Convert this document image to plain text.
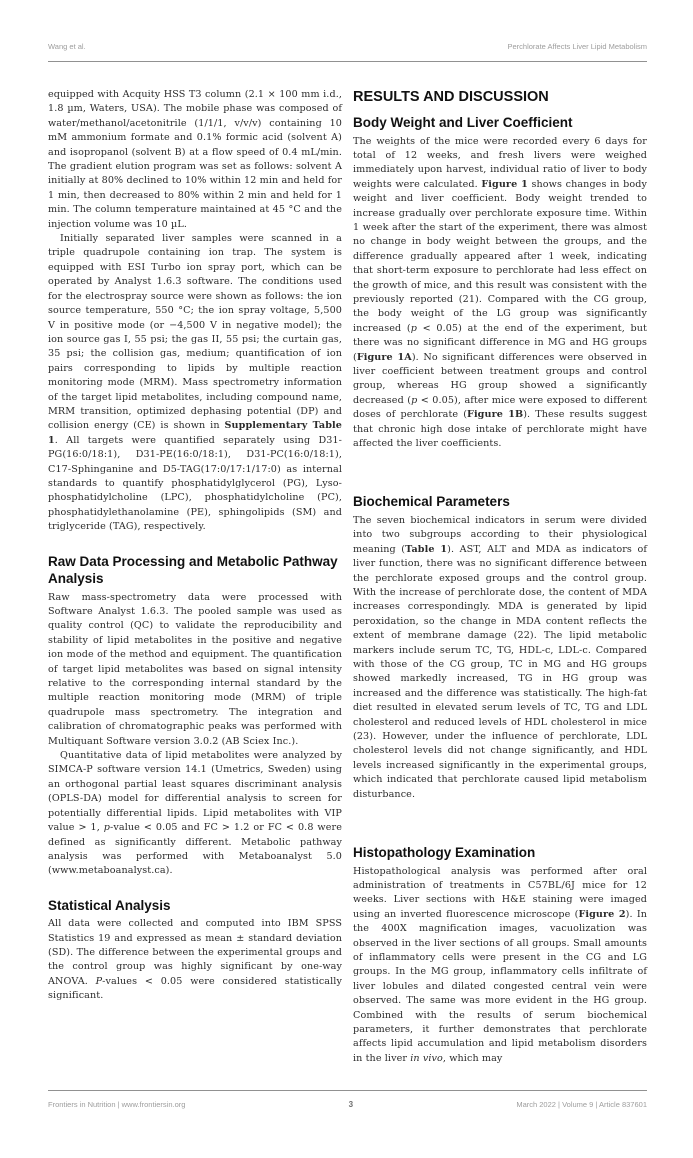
Wang et al.	Perchlorate Affects Liver Lipid Metabolism

equipped with Acquity HSS T3 column (2.1 × 100 mm i.d., 1.8 µm, Waters, USA). The mobile phase was composed of water/methanol/acetonitrile (1/1/1, v/v/v) containing 10 mM ammonium formate and 0.1% formic acid (solvent A) and isopropanol (solvent B) at a flow speed of 0.4 mL/min. The gradient elution program was set as follows: solvent A initially at 80% declined to 10% within 12 min and held for 1 min, then decreased to 80% within 2 min and held for 1 min. The column temperature maintained at 45 °C and the injection volume was 10 µL.

Initially separated liver samples were scanned in a triple quadrupole containing ion trap. The system is equipped with ESI Turbo ion spray port, which can be operated by Analyst 1.6.3 software. The conditions used for the electrospray source were shown as follows: the ion source temperature, 550 °C; the ion spray voltage, 5,500 V in positive mode (or −4,500 V in negative model); the ion source gas I, 55 psi; the gas II, 55 psi; the curtain gas, 35 psi; the collision gas, medium; quantification of ion pairs corresponding to lipids by multiple reaction monitoring mode (MRM). Mass spectrometry information of the target lipid metabolites, including compound name, MRM transition, optimized dephasing potential (DP) and collision energy (CE) is shown in Supplementary Table 1. All targets were quantified separately using D31-PG(16:0/18:1), D31-PE(16:0/18:1), D31-PC(16:0/18:1), C17-Sphinganine and D5-TAG(17:0/17:1/17:0) as internal standards to quantify phosphatidylglycerol (PG), Lyso-phosphatidylcholine (LPC), phosphatidylcholine (PC), phosphatidylethanolamine (PE), sphingolipids (SM) and triglyceride (TAG), respectively.

Raw Data Processing and Metabolic Pathway Analysis

Raw mass-spectrometry data were processed with Software Analyst 1.6.3. The pooled sample was used as quality control (QC) to validate the reproducibility and stability of lipid metabolites in the positive and negative ion mode of the method and equipment. The quantification of target lipid metabolites was based on signal intensity relative to the corresponding internal standard by the multiple reaction monitoring mode (MRM) of triple quadrupole mass spectrometry. The integration and calibration of chromatographic peaks was performed with Multiquant Software version 3.0.2 (AB Sciex Inc.).

Quantitative data of lipid metabolites were analyzed by SIMCA-P software version 14.1 (Umetrics, Sweden) using an orthogonal partial least squares discriminant analysis (OPLS-DA) model for differential analysis to screen for potentially differential lipids. Lipid metabolites with VIP value > 1, p-value < 0.05 and FC > 1.2 or FC < 0.8 were defined as significantly different. Metabolic pathway analysis was performed with Metaboanalyst 5.0 (www.metaboanalyst.ca).

Statistical Analysis

All data were collected and computed into IBM SPSS Statistics 19 and expressed as mean ± standard deviation (SD). The difference between the experimental groups and the control group was highly significant by one-way ANOVA. P-values < 0.05 were considered statistically significant.

RESULTS AND DISCUSSION
Body Weight and Liver Coefficient

The weights of the mice were recorded every 6 days for total of 12 weeks, and fresh livers were weighed immediately upon harvest, individual ratio of liver to body weights were calculated. Figure 1 shows changes in body weight and liver coefficient. Body weight trended to increase gradually over perchlorate exposure time. Within 1 week after the start of the experiment, there was almost no change in body weight between the groups, and the difference gradually appeared after 1 week, indicating that short-term exposure to perchlorate had less effect on the growth of mice, and this result was consistent with the previously reported (21). Compared with the CG group, the body weight of the LG group was significantly increased (p < 0.05) at the end of the experiment, but there was no significant difference in MG and HG groups (Figure 1A). No significant differences were observed in liver coefficient between treatment groups and control group, whereas HG group showed a significantly decreased (p < 0.05), after mice were exposed to different doses of perchlorate (Figure 1B). These results suggest that chronic high dose intake of perchlorate might have affected the liver coefficients.

Biochemical Parameters

The seven biochemical indicators in serum were divided into two subgroups according to their physiological meaning (Table 1). AST, ALT and MDA as indicators of liver function, there was no significant difference between the perchlorate exposed groups and the control group. With the increase of perchlorate dose, the content of MDA increases correspondingly. MDA is generated by lipid peroxidation, so the change in MDA content reflects the extent of membrane damage (22). The lipid metabolic markers include serum TC, TG, HDL-c, LDL-c. Compared with those of the CG group, TC in MG and HG groups showed markedly increased, TG in HG group was increased and the difference was statistically. The high-fat diet resulted in elevated serum levels of TC, TG and LDL cholesterol and reduced levels of HDL cholesterol in mice (23). However, under the influence of perchlorate, LDL cholesterol levels did not change significantly, and HDL levels increased significantly in the experimental groups, which indicated that perchlorate caused lipid metabolism disturbance.

Histopathology Examination

Histopathological analysis was performed after oral administration of treatments in C57BL/6J mice for 12 weeks. Liver sections with H&E staining were imaged using an inverted fluorescence microscope (Figure 2). In the 400X magnification images, vacuolization was observed in the liver sections of all groups. Small amounts of inflammatory cells were present in the CG and LG groups. In the MG group, inflammatory cells infiltrate of liver lobules and dilated congested central vein were observed. The same was more evident in the HG group. Combined with the results of serum biochemical parameters, it further demonstrates that perchlorate affects lipid accumulation and lipid metabolism disorders in the liver in vivo, which may

Frontiers in Nutrition | www.frontiersin.org	3	March 2022 | Volume 9 | Article 837601
